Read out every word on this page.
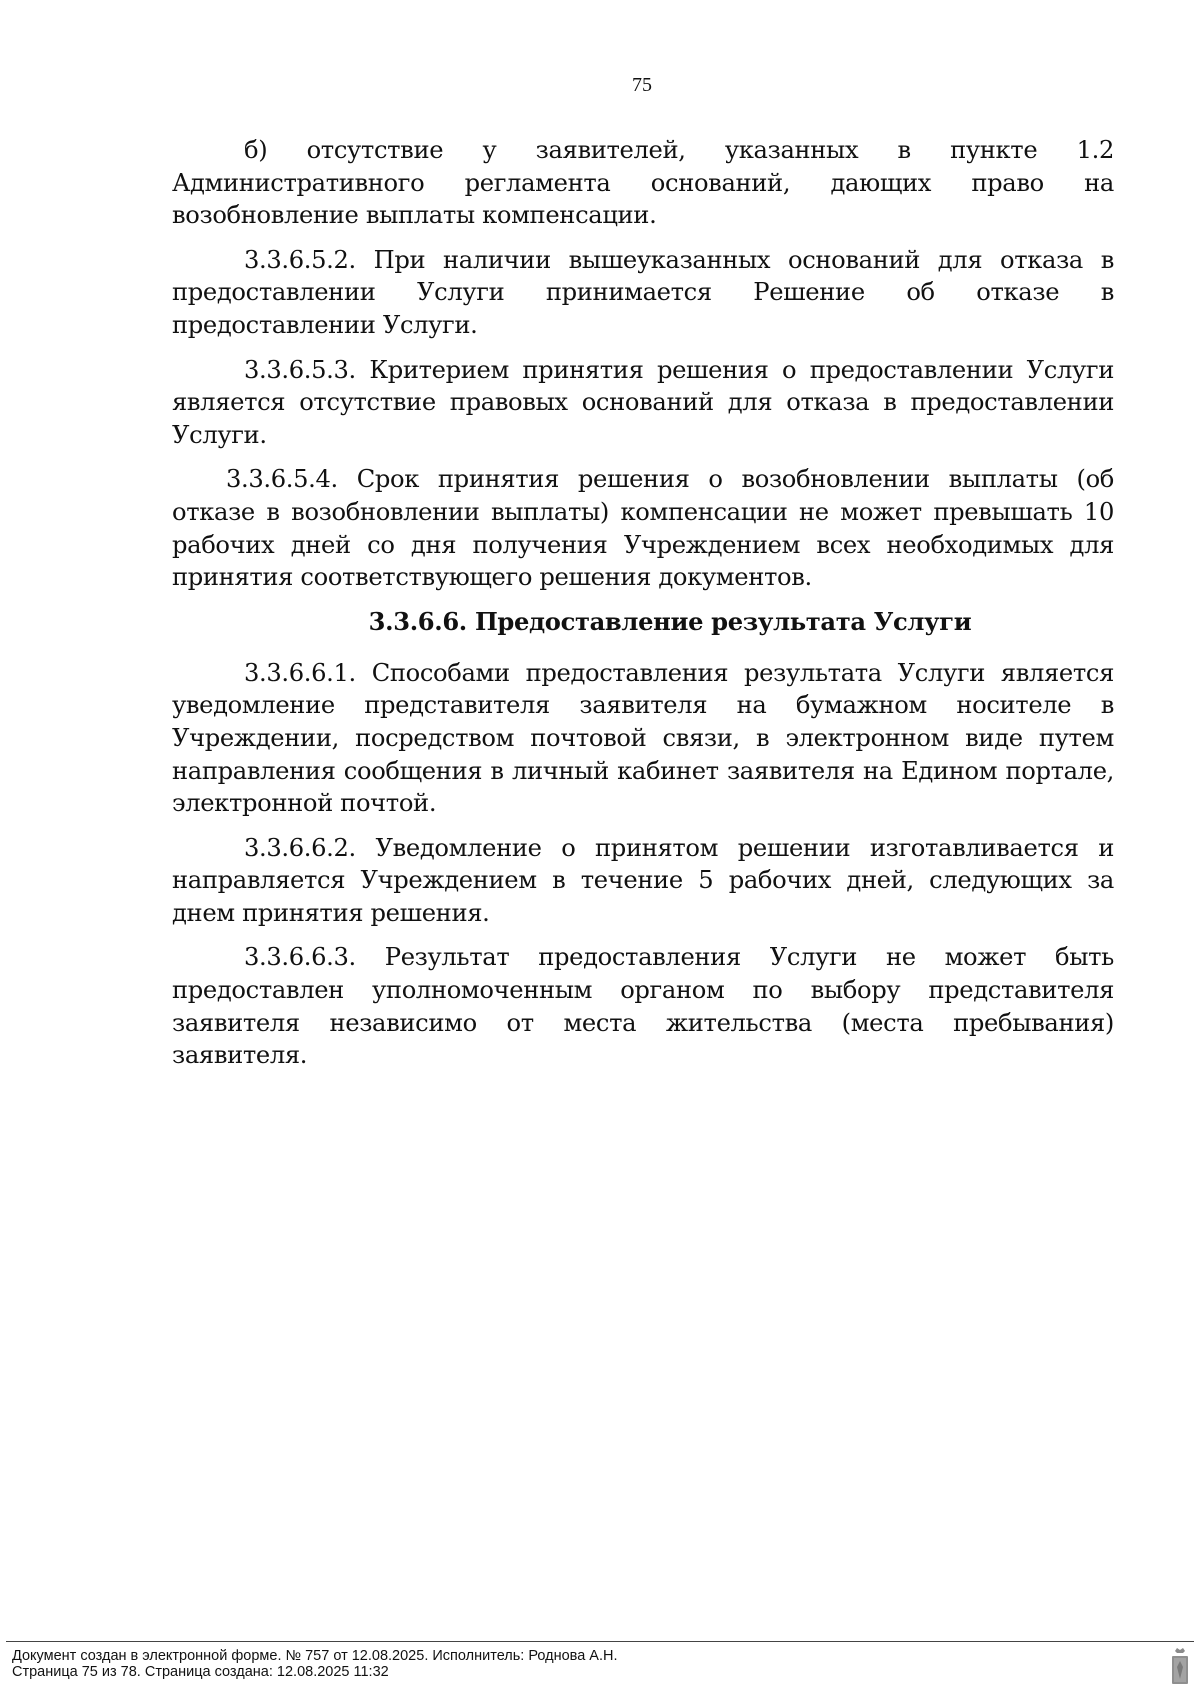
75

б) отсутствие у заявителей, указанных в пункте 1.2 Административного регламента оснований, дающих право на возобновление выплаты компенсации.

3.3.6.5.2. При наличии вышеуказанных оснований для отказа в предоставлении Услуги принимается Решение об отказе в предоставлении Услуги.

3.3.6.5.3. Критерием принятия решения о предоставлении Услуги является отсутствие правовых оснований для отказа в предоставлении Услуги.

3.3.6.5.4. Срок принятия решения о возобновлении выплаты (об отказе в возобновлении выплаты) компенсации не может превышать 10 рабочих дней со дня получения Учреждением всех необходимых для принятия соответствующего решения документов.

3.3.6.6. Предоставление результата Услуги

3.3.6.6.1. Способами предоставления результата Услуги является уведомление представителя заявителя на бумажном носителе в Учреждении, посредством почтовой связи, в электронном виде путем направления сообщения в личный кабинет заявителя на Едином портале, электронной почтой.

3.3.6.6.2. Уведомление о принятом решении изготавливается и направляется Учреждением в течение 5 рабочих дней, следующих за днем принятия решения.

3.3.6.6.3. Результат предоставления Услуги не может быть предоставлен уполномоченным органом по выбору представителя заявителя независимо от места жительства (места пребывания) заявителя.

Документ создан в электронной форме. № 757 от 12.08.2025. Исполнитель: Роднова А.Н.
Страница 75 из 78. Страница создана: 12.08.2025 11:32
